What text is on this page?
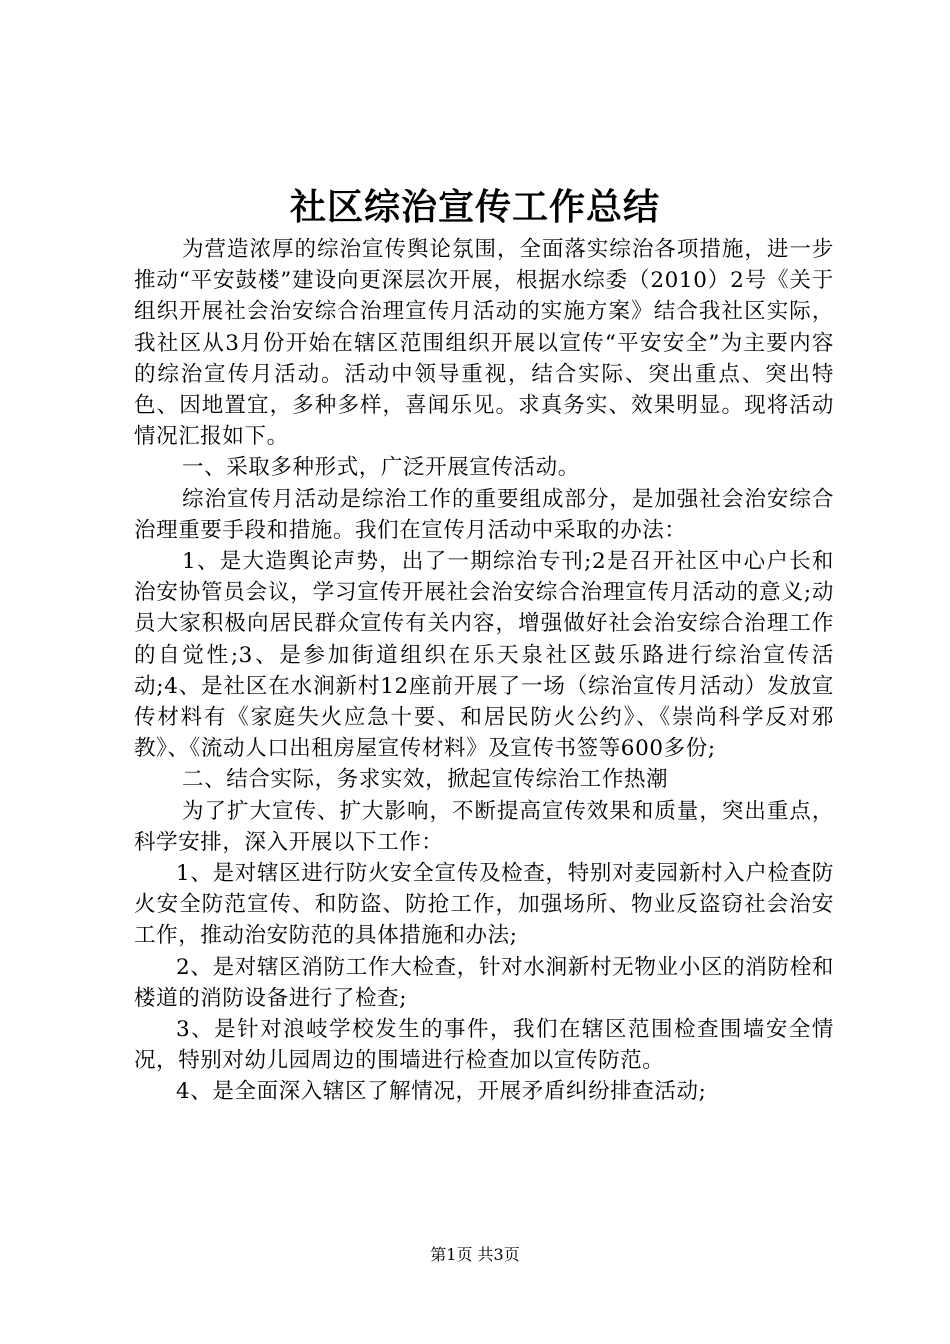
社区综治宣传工作总结

为营造浓厚的综治宣传舆论氛围，全面落实综治各项措施，进一步推动“平安鼓楼”建设向更深层次开展，根据水综委（2010）2号《关于组织开展社会治安综合治理宣传月活动的实施方案》结合我社区实际，我社区从3月份开始在辖区范围组织开展以宣传“平安安全”为主要内容的综治宣传月活动。活动中领导重视，结合实际、突出重点、突出特色、因地置宜，多种多样，喜闻乐见。求真务实、效果明显。现将活动情况汇报如下。

一、采取多种形式，广泛开展宣传活动。

综治宣传月活动是综治工作的重要组成部分，是加强社会治安综合治理重要手段和措施。我们在宣传月活动中采取的办法：

1、是大造舆论声势，出了一期综治专刊;2是召开社区中心户长和治安协管员会议，学习宣传开展社会治安综合治理宣传月活动的意义;动员大家积极向居民群众宣传有关内容，增强做好社会治安综合治理工作的自觉性;3、是参加街道组织在乐天泉社区鼓乐路进行综治宣传活动;4、是社区在水涧新村12座前开展了一场（综治宣传月活动）发放宣传材料有《家庭失火应急十要、和居民防火公约》、《崇尚科学反对邪教》、《流动人口出租房屋宣传材料》及宣传书签等600多份;

二、结合实际，务求实效，掀起宣传综治工作热潮

为了扩大宣传、扩大影响，不断提高宣传效果和质量，突出重点，科学安排，深入开展以下工作：

1、是对辖区进行防火安全宣传及检查，特别对麦园新村入户检查防火安全防范宣传、和防盗、防抢工作，加强场所、物业反盗窃社会治安工作，推动治安防范的具体措施和办法;

2、是对辖区消防工作大检查，针对水涧新村无物业小区的消防栓和楼道的消防设备进行了检查;

3、是针对浪岐学校发生的事件，我们在辖区范围检查围墙安全情况，特别对幼儿园周边的围墙进行检查加以宣传防范。

4、是全面深入辖区了解情况，开展矛盾纠纷排查活动;

第1页 共3页
